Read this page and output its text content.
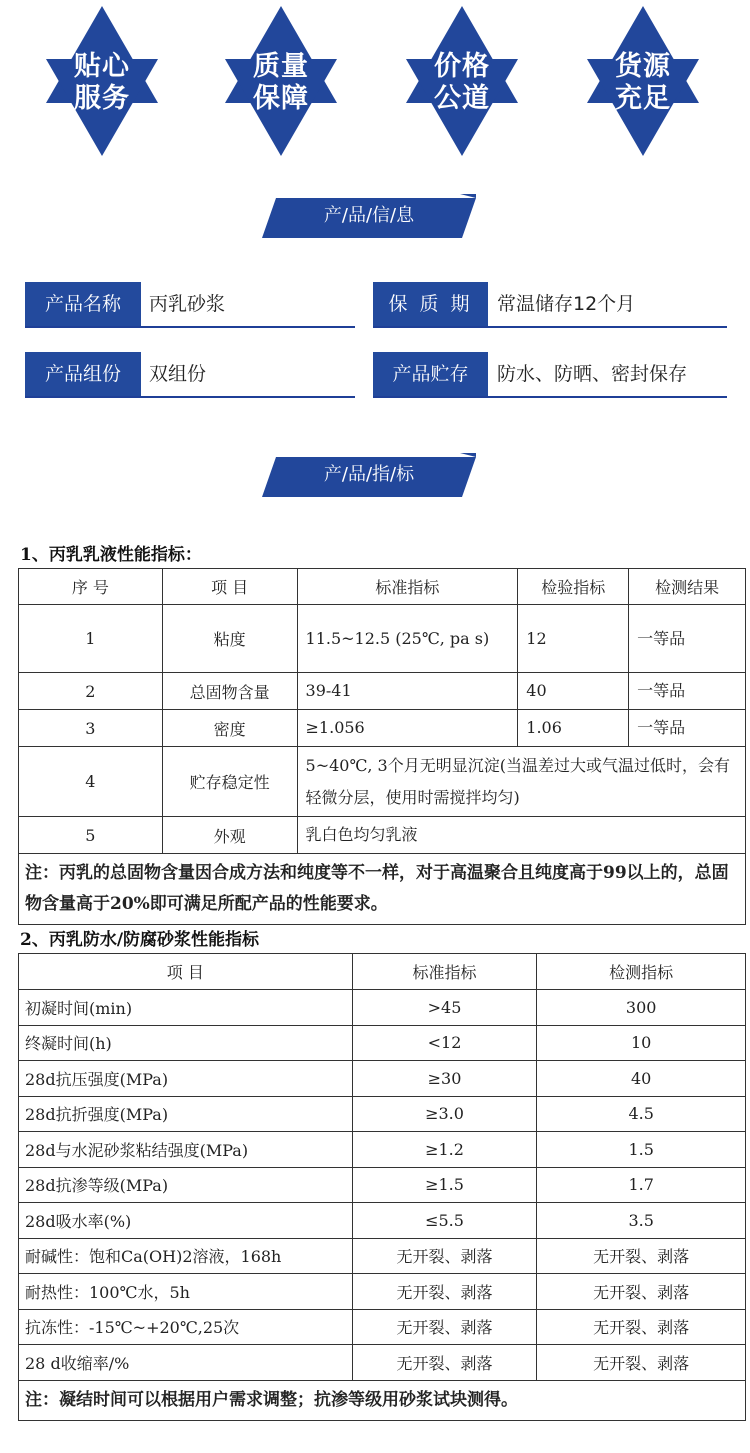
贴心
服务
质量
保障
价格
公道
货源
充足
产/品/信/息
产品名称	丙乳砂浆	保 质 期	常温储存12个月
产品组份	双组份	产品贮存	防水、防晒、密封保存
产/品/指/标
1、丙乳乳液性能指标：
序 号	项 目	标准指标	检验指标	检测结果
1	粘度	11.5~12.5 (25℃, pa s)	12	一等品
2	总固物含量	39-41	40	一等品
3	密度	≥1.056	1.06	一等品
4	贮存稳定性	5~40℃, 3个月无明显沉淀(当温差过大或气温过低时，会有轻微分层，使用时需搅拌均匀)		
5	外观	乳白色均匀乳液		
注：丙乳的总固物含量因合成方法和纯度等不一样，对于高温聚合且纯度高于99以上的，总固物含量高于20%即可满足所配产品的性能要求。				
2、丙乳防水/防腐砂浆性能指标
项 目	标准指标	检测指标
初凝时间(min)	>45	300
终凝时间(h)	<12	10
28d抗压强度(MPa)	≥30	40
28d抗折强度(MPa)	≥3.0	4.5
28d与水泥砂浆粘结强度(MPa)	≥1.2	1.5
28d抗渗等级(MPa)	≥1.5	1.7
28d吸水率(%)	≤5.5	3.5
耐碱性：饱和Ca(OH)2溶液，168h	无开裂、剥落	无开裂、剥落
耐热性：100℃水，5h	无开裂、剥落	无开裂、剥落
抗冻性：-15℃~+20℃,25次	无开裂、剥落	无开裂、剥落
28 d收缩率/%	无开裂、剥落	无开裂、剥落
注：凝结时间可以根据用户需求调整；抗渗等级用砂浆试块测得。		
